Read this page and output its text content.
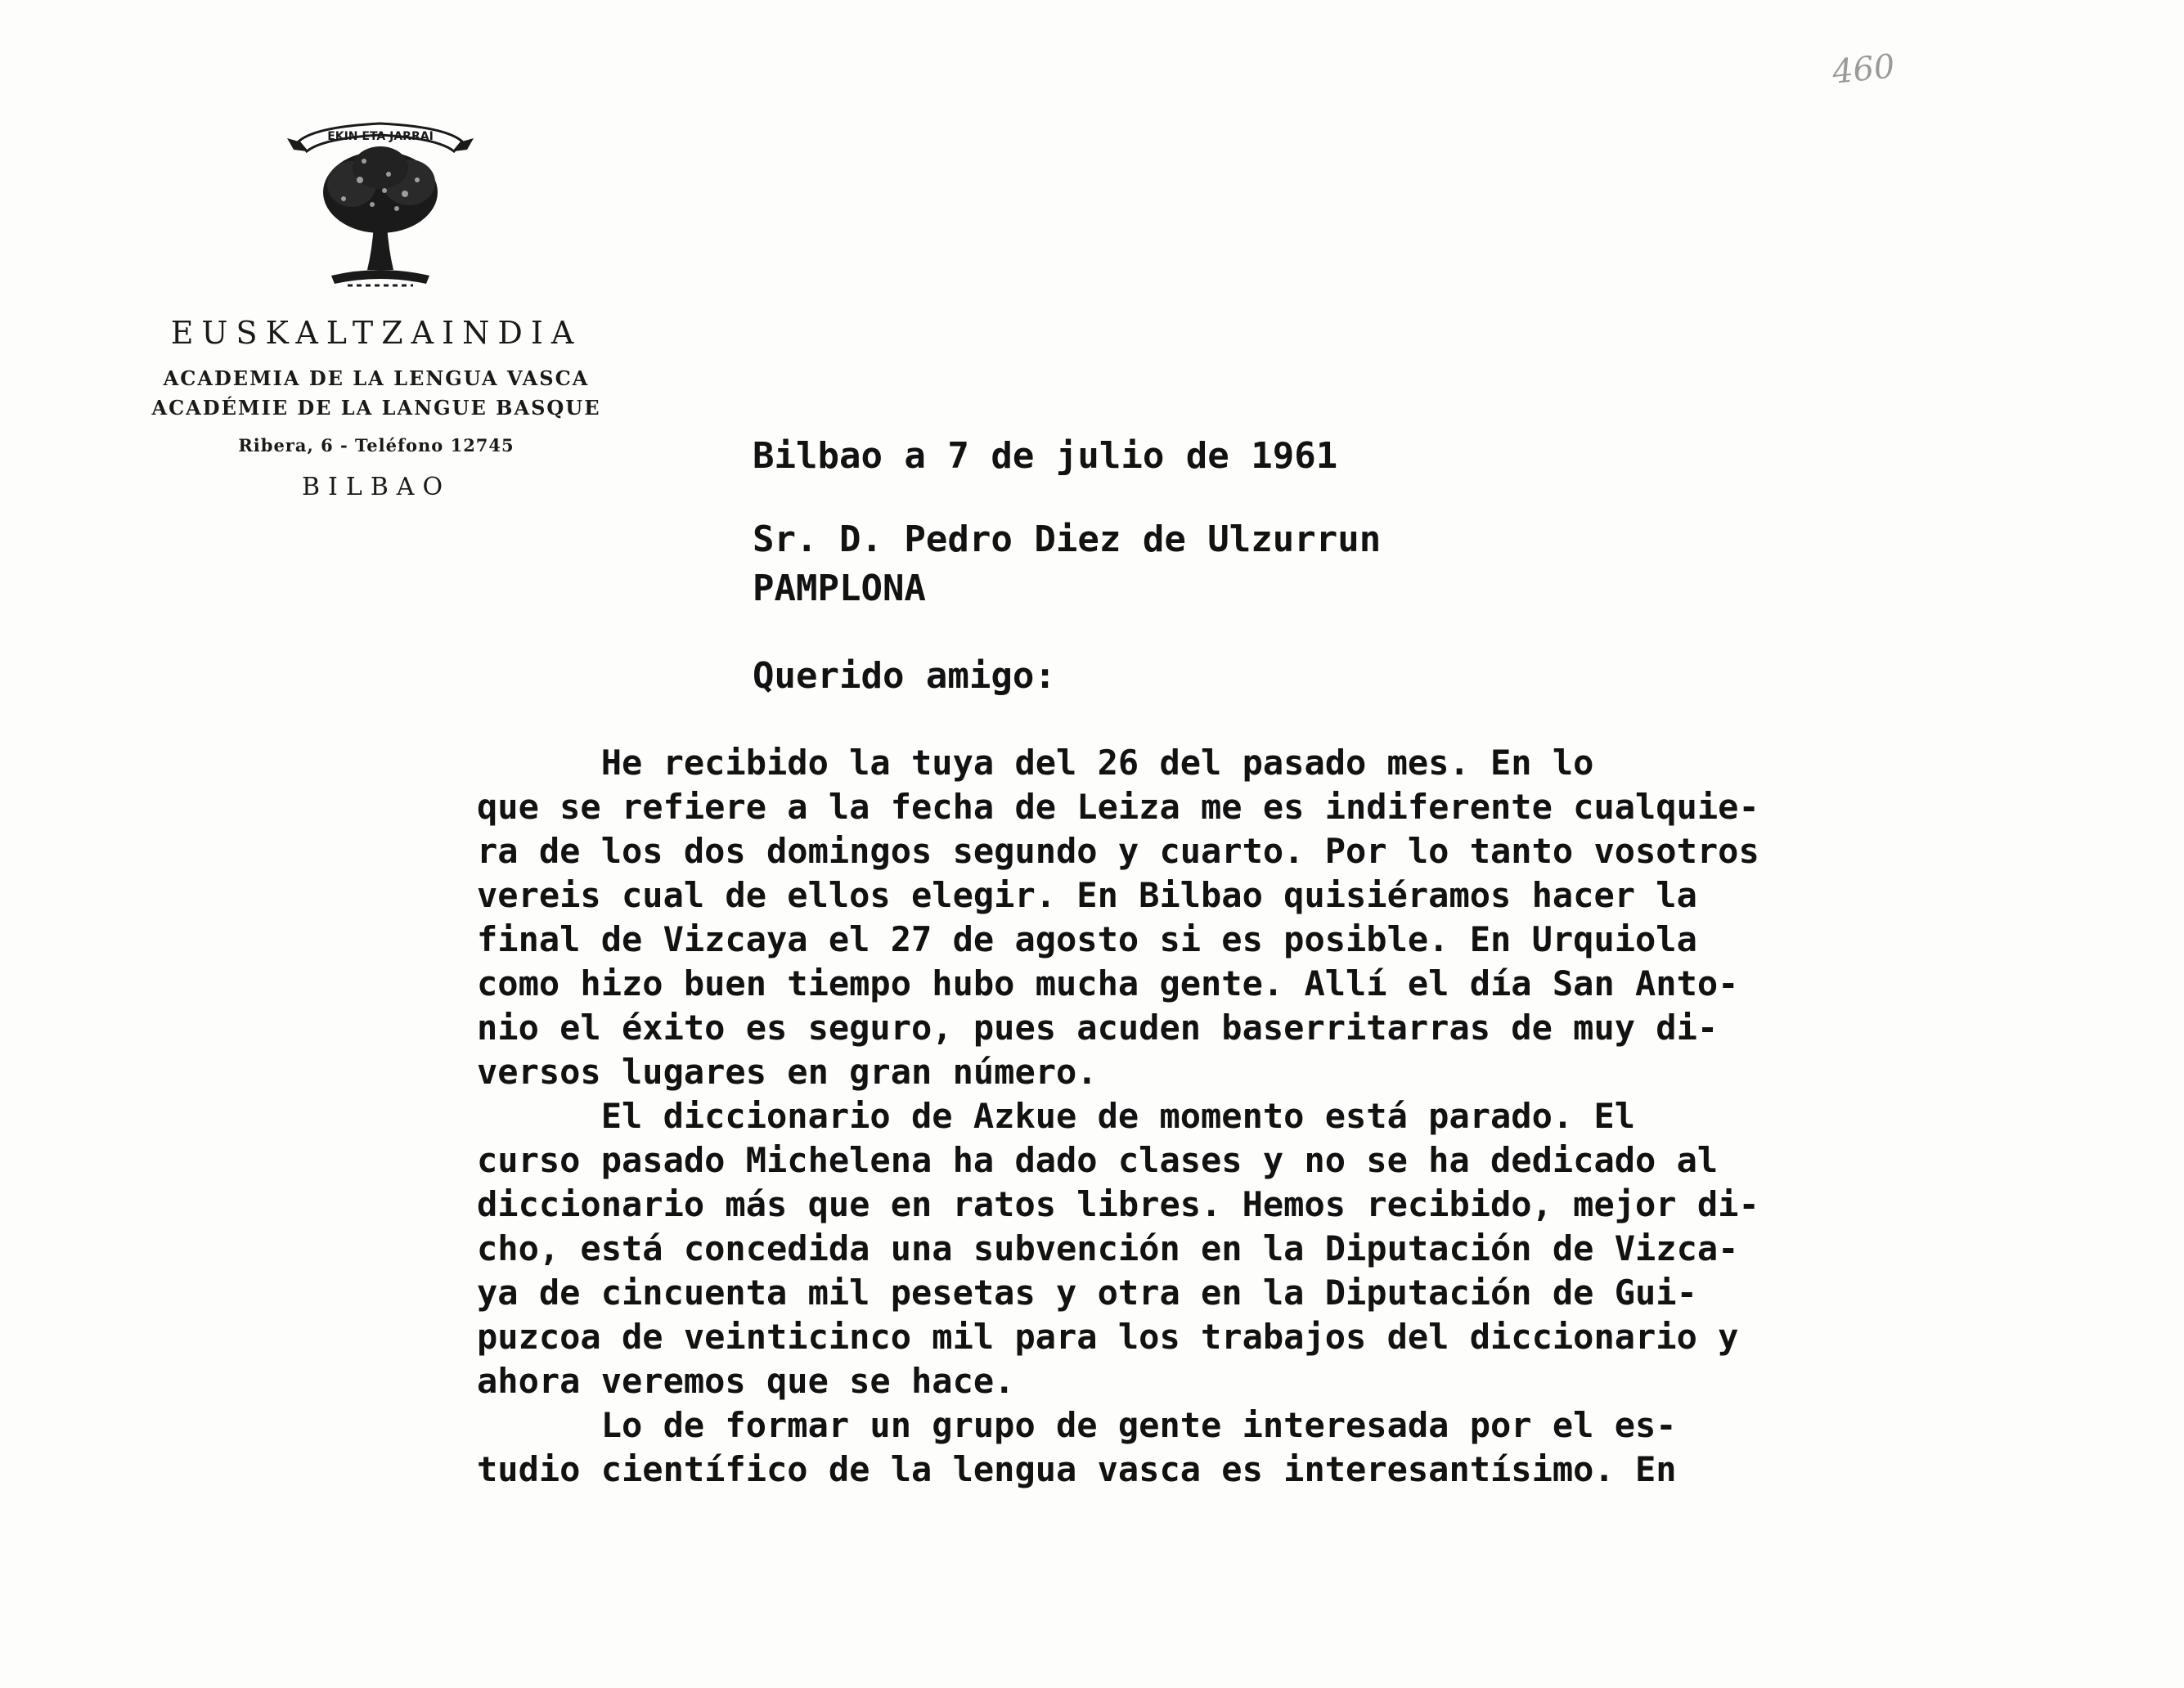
460
EKIN ETA JARRAI
EUSKALTZAINDIA
ACADEMIA DE LA LENGUA VASCA
ACADÉMIE DE LA LANGUE BASQUE
Ribera, 6 - Teléfono 12745
BILBAO
Bilbao a 7 de julio de 1961
Sr. D. Pedro Diez de Ulzurrun
PAMPLONA
Querido amigo:
He recibido la tuya del 26 del pasado mes. En lo
que se refiere a la fecha de Leiza me es indiferente cualquie-
ra de los dos domingos segundo y cuarto. Por lo tanto vosotros
vereis cual de ellos elegir. En Bilbao quisiéramos hacer la
final de Vizcaya el 27 de agosto si es posible. En Urquiola
como hizo buen tiempo hubo mucha gente. Allí el día San Anto-
nio el éxito es seguro, pues acuden baserritarras de muy di-
versos lugares en gran número.
El diccionario de Azkue de momento está parado. El
curso pasado Michelena ha dado clases y no se ha dedicado al
diccionario más que en ratos libres. Hemos recibido, mejor di-
cho, está concedida una subvención en la Diputación de Vizca-
ya de cincuenta mil pesetas y otra en la Diputación de Gui-
puzcoa de veinticinco mil para los trabajos del diccionario y
ahora veremos que se hace.
Lo de formar un grupo de gente interesada por el es-
tudio científico de la lengua vasca es interesantísimo. En
